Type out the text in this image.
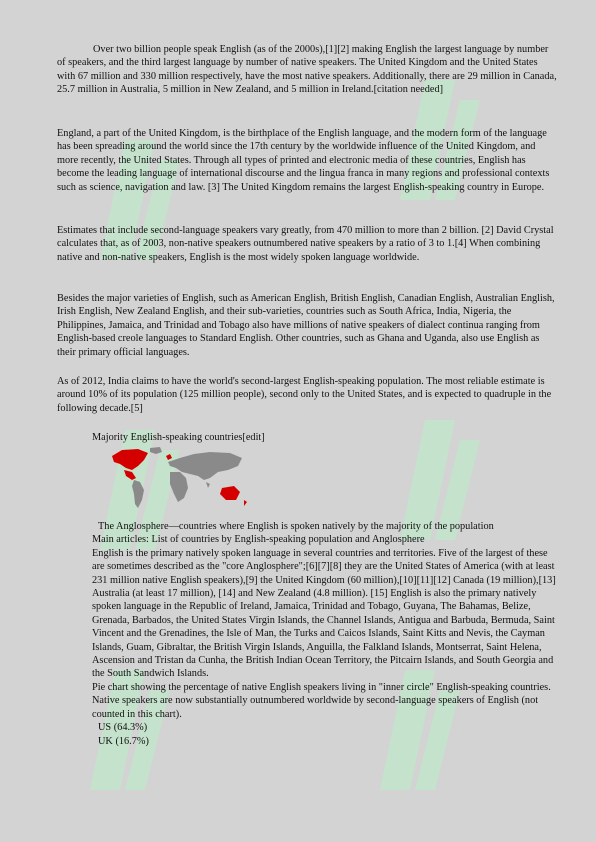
Over two billion people speak English (as of the 2000s),[1][2] making English the largest language by number of speakers, and the third largest language by number of native speakers. The United Kingdom and the United States with 67 million and 330 million respectively, have the most native speakers. Additionally, there are 29 million in Canada, 25.7 million in Australia, 5 million in New Zealand, and 5 million in Ireland.[citation needed]

England, a part of the United Kingdom, is the birthplace of the English language, and the modern form of the language has been spreading around the world since the 17th century by the worldwide influence of the United Kingdom, and more recently, the United States. Through all types of printed and electronic media of these countries, English has become the leading language of international discourse and the lingua franca in many regions and professional contexts such as science, navigation and law. [3] The United Kingdom remains the largest English-speaking country in Europe.

Estimates that include second-language speakers vary greatly, from 470 million to more than 2 billion. [2] David Crystal calculates that, as of 2003, non-native speakers outnumbered native speakers by a ratio of 3 to 1.[4] When combining native and non-native speakers, English is the most widely spoken language worldwide.

Besides the major varieties of English, such as American English, British English, Canadian English, Australian English, Irish English, New Zealand English, and their sub-varieties, countries such as South Africa, India, Nigeria, the Philippines, Jamaica, and Trinidad and Tobago also have millions of native speakers of dialect continua ranging from English-based creole languages to Standard English. Other countries, such as Ghana and Uganda, also use English as their primary official languages.

As of 2012, India claims to have the world's second-largest English-speaking population. The most reliable estimate is around 10% of its population (125 million people), second only to the United States, and is expected to quadruple in the following decade.[5]

Majority English-speaking countries[edit]

The Anglosphere—countries where English is spoken natively by the majority of the population

Main articles: List of countries by English-speaking population and Anglosphere

English is the primary natively spoken language in several countries and territories. Five of the largest of these are sometimes described as the "core Anglosphere";[6][7][8] they are the United States of America (with at least 231 million native English speakers),[9] the United Kingdom (60 million),[10][11][12] Canada (19 million),[13] Australia (at least 17 million), [14] and New Zealand (4.8 million). [15] English is also the primary natively spoken language in the Republic of Ireland, Jamaica, Trinidad and Tobago, Guyana, The Bahamas, Belize, Grenada, Barbados, the United States Virgin Islands, the Channel Islands, Antigua and Barbuda, Bermuda, Saint Vincent and the Grenadines, the Isle of Man, the Turks and Caicos Islands, Saint Kitts and Nevis, the Cayman Islands, Guam, Gibraltar, the British Virgin Islands, Anguilla, the Falkland Islands, Montserrat, Saint Helena, Ascension and Tristan da Cunha, the British Indian Ocean Territory, the Pitcairn Islands, and South Georgia and the South Sandwich Islands.

Pie chart showing the percentage of native English speakers living in "inner circle" English-speaking countries. Native speakers are now substantially outnumbered worldwide by second-language speakers of English (not counted in this chart).

US (64.3%)

UK (16.7%)
